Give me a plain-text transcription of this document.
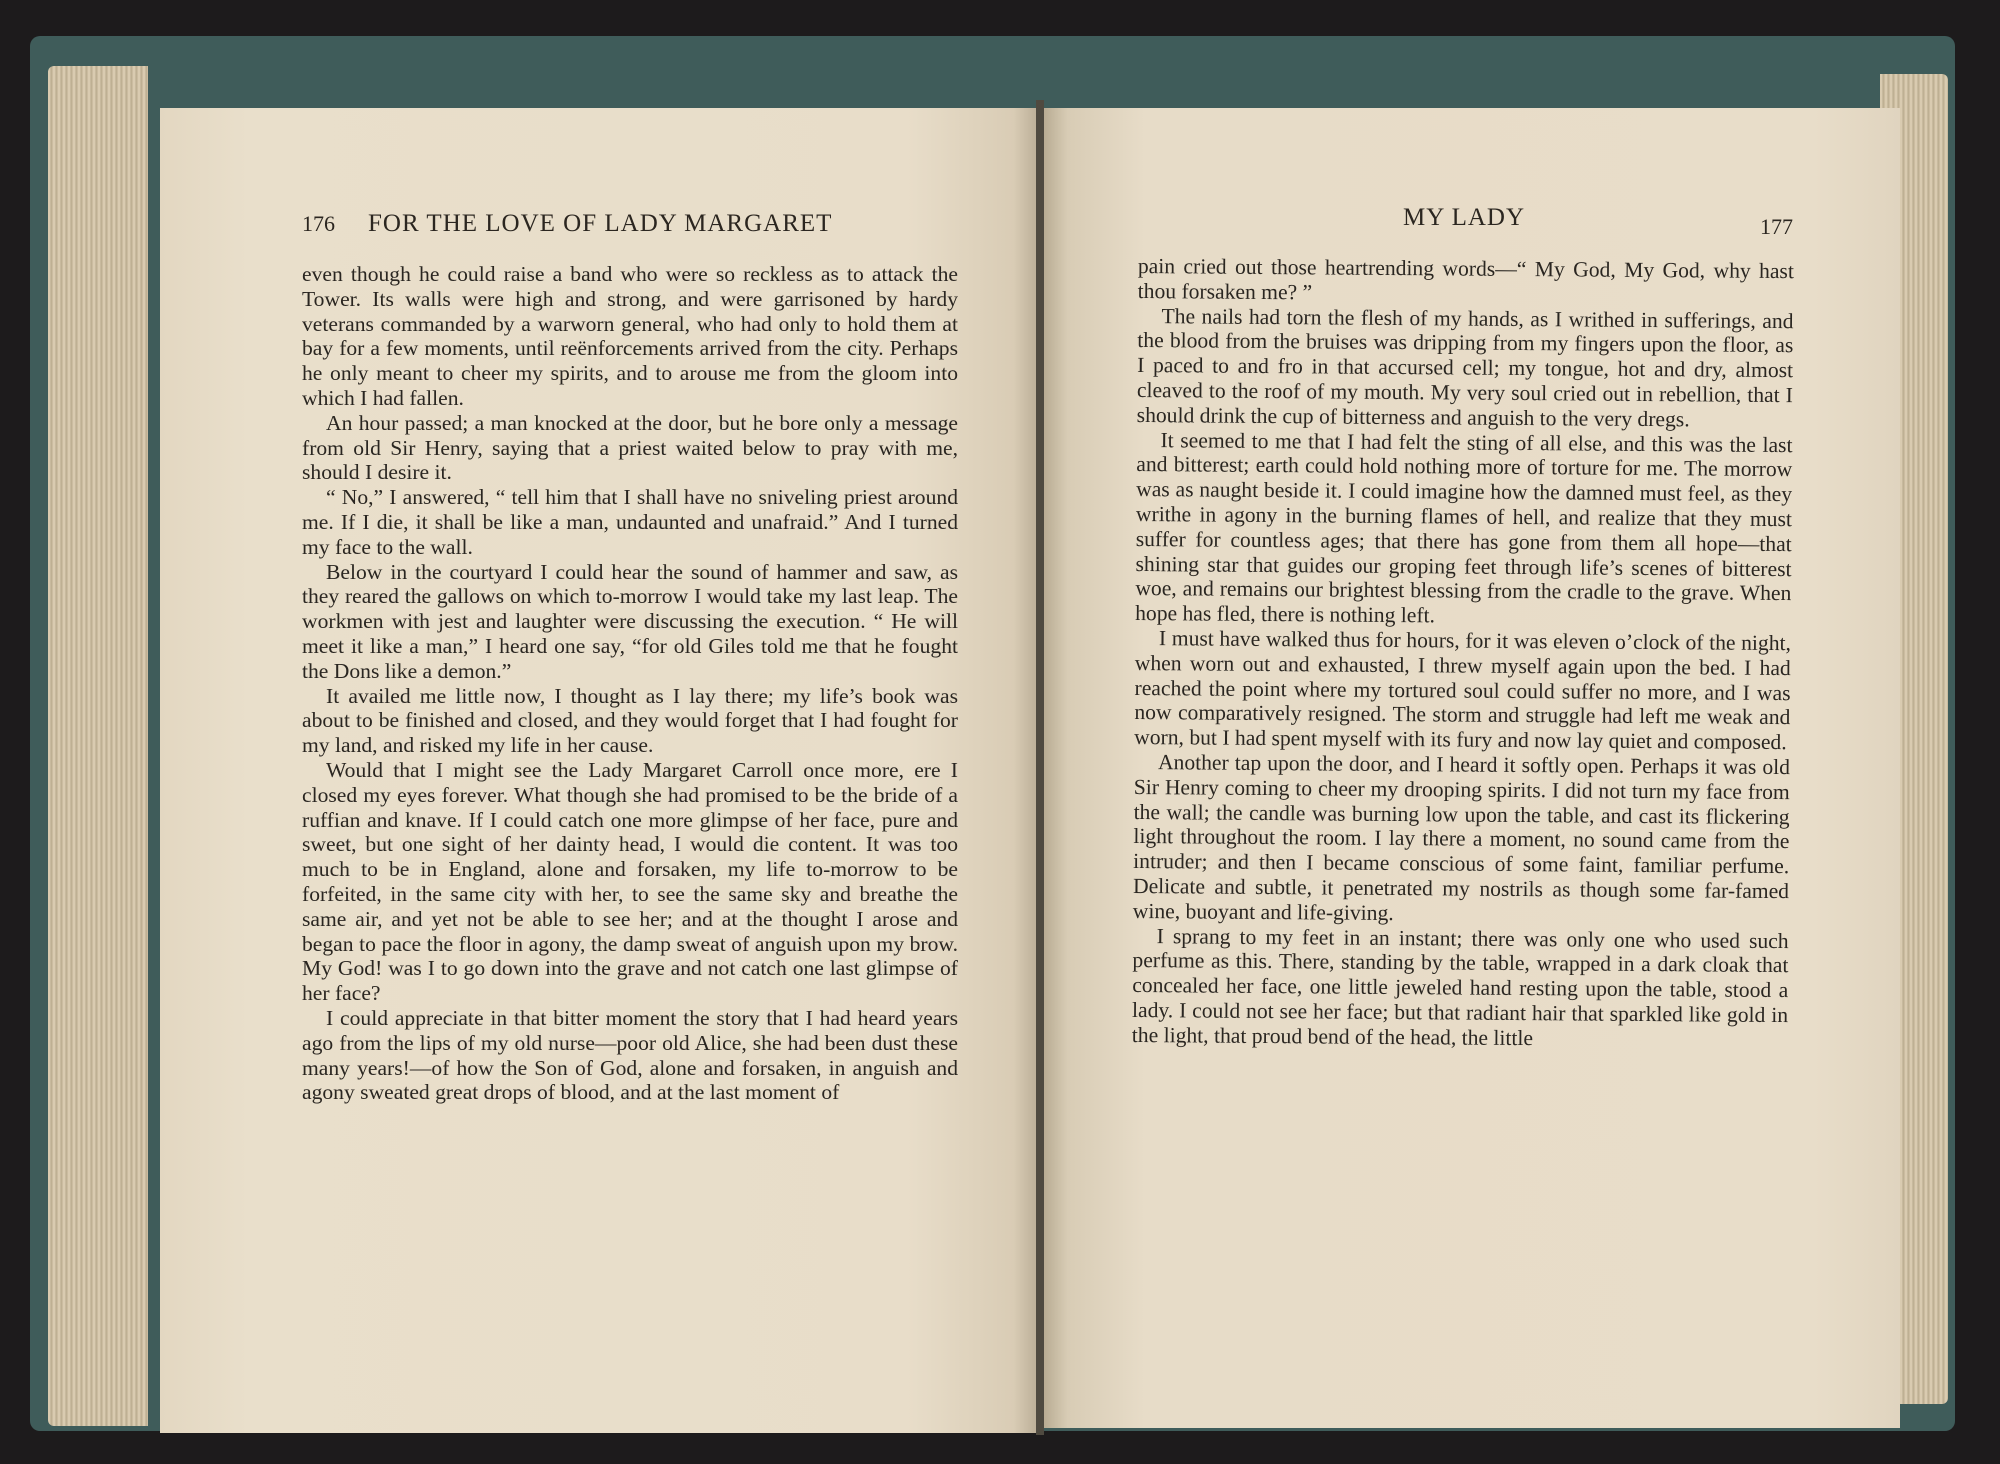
176 FOR THE LOVE OF LADY MARGARET	MY LADY	177

even though he could raise a band who were so reckless as to attack the Tower. Its walls were high and strong, and were garrisoned by hardy veterans commanded by a warworn general, who had only to hold them at bay for a few moments, until reënforcements arrived from the city. Perhaps he only meant to cheer my spirits, and to arouse me from the gloom into which I had fallen.

An hour passed; a man knocked at the door, but he bore only a message from old Sir Henry, saying that a priest waited below to pray with me, should I desire it.

“ No,” I answered, “ tell him that I shall have no sniveling priest around me. If I die, it shall be like a man, undaunted and unafraid.” And I turned my face to the wall.

Below in the courtyard I could hear the sound of hammer and saw, as they reared the gallows on which to-morrow I would take my last leap. The workmen with jest and laughter were discussing the execution. “ He will meet it like a man,” I heard one say, “for old Giles told me that he fought the Dons like a demon.”

It availed me little now, I thought as I lay there; my life’s book was about to be finished and closed, and they would forget that I had fought for my land, and risked my life in her cause.

Would that I might see the Lady Margaret Carroll once more, ere I closed my eyes forever. What though she had promised to be the bride of a ruffian and knave. If I could catch one more glimpse of her face, pure and sweet, but one sight of her dainty head, I would die content. It was too much to be in England, alone and forsaken, my life to-morrow to be forfeited, in the same city with her, to see the same sky and breathe the same air, and yet not be able to see her; and at the thought I arose and began to pace the floor in agony, the damp sweat of anguish upon my brow. My God! was I to go down into the grave and not catch one last glimpse of her face?

I could appreciate in that bitter moment the story that I had heard years ago from the lips of my old nurse—poor old Alice, she had been dust these many years!—of how the Son of God, alone and forsaken, in anguish and agony sweated great drops of blood, and at the last moment of

pain cried out those heartrending words—“ My God, My God, why hast thou forsaken me? ”

The nails had torn the flesh of my hands, as I writhed in sufferings, and the blood from the bruises was dripping from my fingers upon the floor, as I paced to and fro in that accursed cell; my tongue, hot and dry, almost cleaved to the roof of my mouth. My very soul cried out in rebellion, that I should drink the cup of bitterness and anguish to the very dregs.

It seemed to me that I had felt the sting of all else, and this was the last and bitterest; earth could hold nothing more of torture for me. The morrow was as naught beside it. I could imagine how the damned must feel, as they writhe in agony in the burning flames of hell, and realize that they must suffer for countless ages; that there has gone from them all hope—that shining star that guides our groping feet through life’s scenes of bitterest woe, and remains our brightest blessing from the cradle to the grave. When hope has fled, there is nothing left.

I must have walked thus for hours, for it was eleven o’clock of the night, when worn out and exhausted, I threw myself again upon the bed. I had reached the point where my tortured soul could suffer no more, and I was now comparatively resigned. The storm and struggle had left me weak and worn, but I had spent myself with its fury and now lay quiet and composed.

Another tap upon the door, and I heard it softly open. Perhaps it was old Sir Henry coming to cheer my drooping spirits. I did not turn my face from the wall; the candle was burning low upon the table, and cast its flickering light throughout the room. I lay there a moment, no sound came from the intruder; and then I became conscious of some faint, familiar perfume. Delicate and subtle, it penetrated my nostrils as though some far-famed wine, buoyant and life-giving.

I sprang to my feet in an instant; there was only one who used such perfume as this. There, standing by the table, wrapped in a dark cloak that concealed her face, one little jeweled hand resting upon the table, stood a lady. I could not see her face; but that radiant hair that sparkled like gold in the light, that proud bend of the head, the little
